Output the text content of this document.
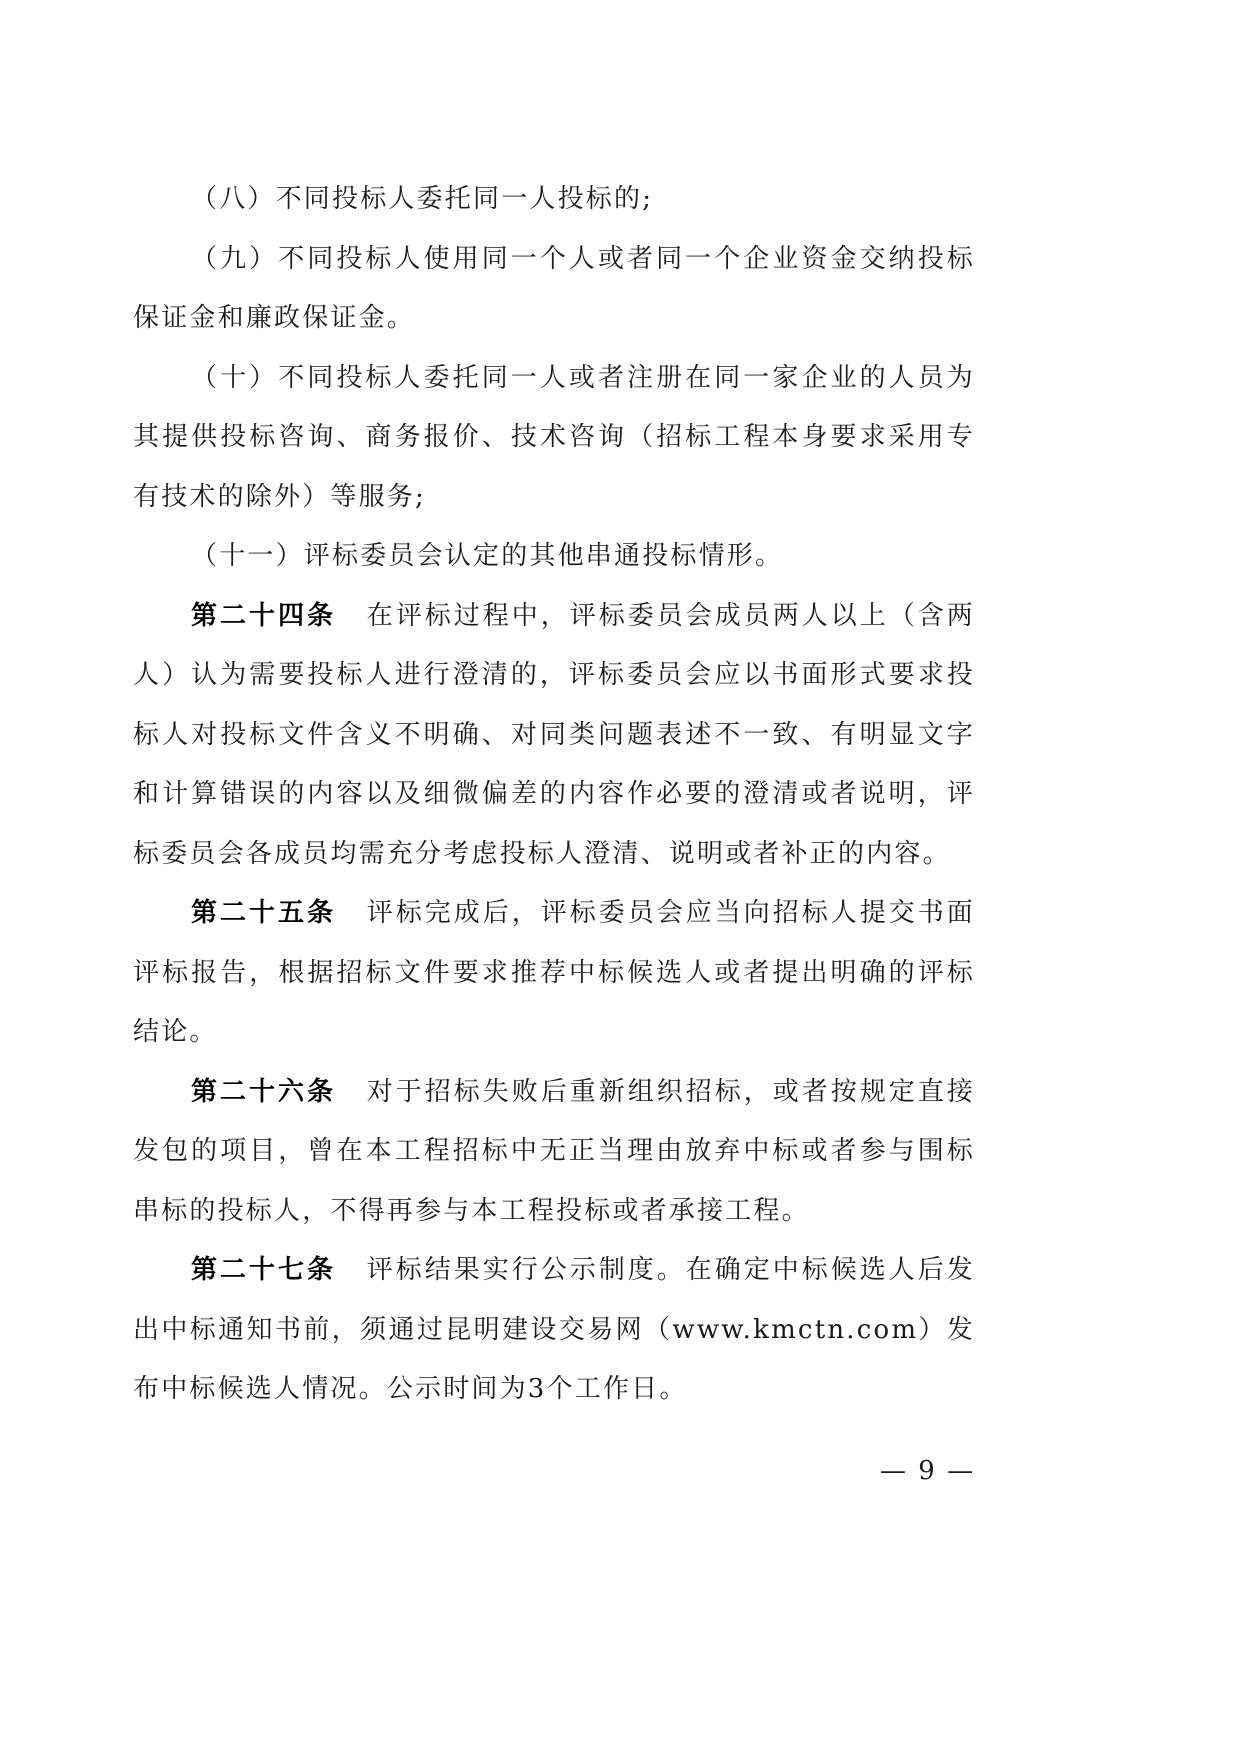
（八）不同投标人委托同一人投标的;

（九）不同投标人使用同一个人或者同一个企业资金交纳投标保证金和廉政保证金。

（十）不同投标人委托同一人或者注册在同一家企业的人员为其提供投标咨询、商务报价、技术咨询（招标工程本身要求采用专有技术的除外）等服务;

（十一）评标委员会认定的其他串通投标情形。

第二十四条 在评标过程中，评标委员会成员两人以上（含两人）认为需要投标人进行澄清的，评标委员会应以书面形式要求投标人对投标文件含义不明确、对同类问题表述不一致、有明显文字和计算错误的内容以及细微偏差的内容作必要的澄清或者说明，评标委员会各成员均需充分考虑投标人澄清、说明或者补正的内容。

第二十五条 评标完成后，评标委员会应当向招标人提交书面评标报告，根据招标文件要求推荐中标候选人或者提出明确的评标结论。

第二十六条 对于招标失败后重新组织招标，或者按规定直接发包的项目，曾在本工程招标中无正当理由放弃中标或者参与围标串标的投标人，不得再参与本工程投标或者承接工程。

第二十七条 评标结果实行公示制度。在确定中标候选人后发出中标通知书前，须通过昆明建设交易网（www.kmctn.com）发布中标候选人情况。公示时间为3个工作日。

— 9 —
